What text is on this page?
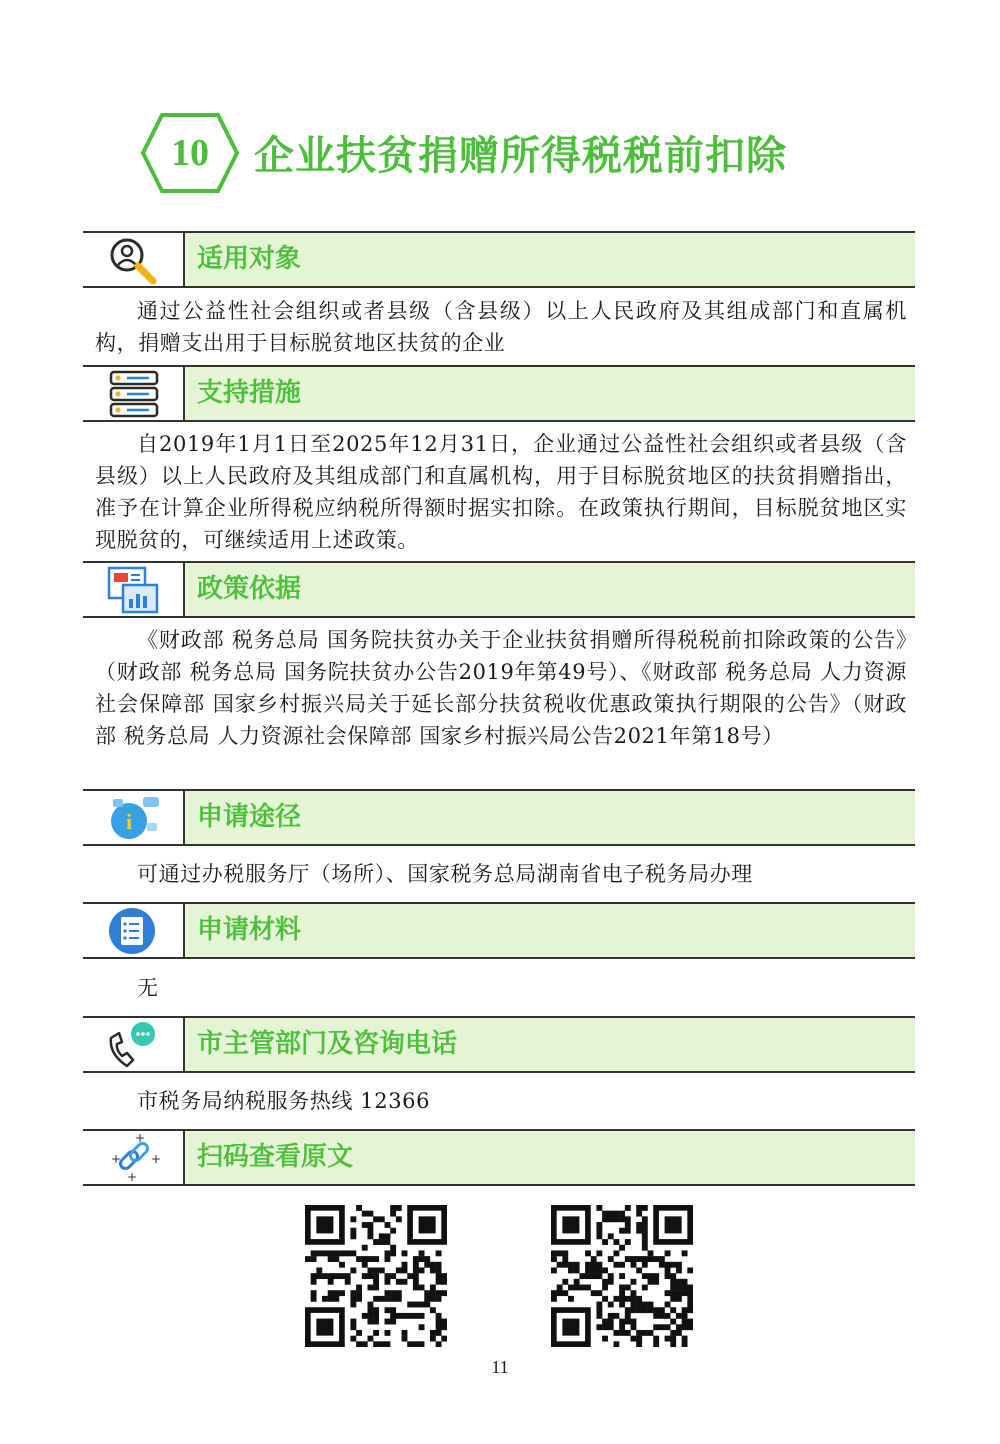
10	企业扶贫捐赠所得税税前扣除
适用对象
通过公益性社会组织或者县级（含县级）以上人民政府及其组成部门和直属机构，捐赠支出用于目标脱贫地区扶贫的企业
支持措施
自2019年1月1日至2025年12月31日，企业通过公益性社会组织或者县级（含县级）以上人民政府及其组成部门和直属机构，用于目标脱贫地区的扶贫捐赠指出，准予在计算企业所得税应纳税所得额时据实扣除。在政策执行期间，目标脱贫地区实现脱贫的，可继续适用上述政策。
政策依据
《财政部 税务总局 国务院扶贫办关于企业扶贫捐赠所得税税前扣除政策的公告》（财政部 税务总局 国务院扶贫办公告2019年第49号）、《财政部 税务总局 人力资源社会保障部 国家乡村振兴局关于延长部分扶贫税收优惠政策执行期限的公告》（财政部 税务总局 人力资源社会保障部 国家乡村振兴局公告2021年第18号）
i 申请途径
可通过办税服务厅（场所）、国家税务总局湖南省电子税务局办理
申请材料
无
市主管部门及咨询电话
市税务局纳税服务热线 12366
+ +
+
+
扫码查看原文
11
